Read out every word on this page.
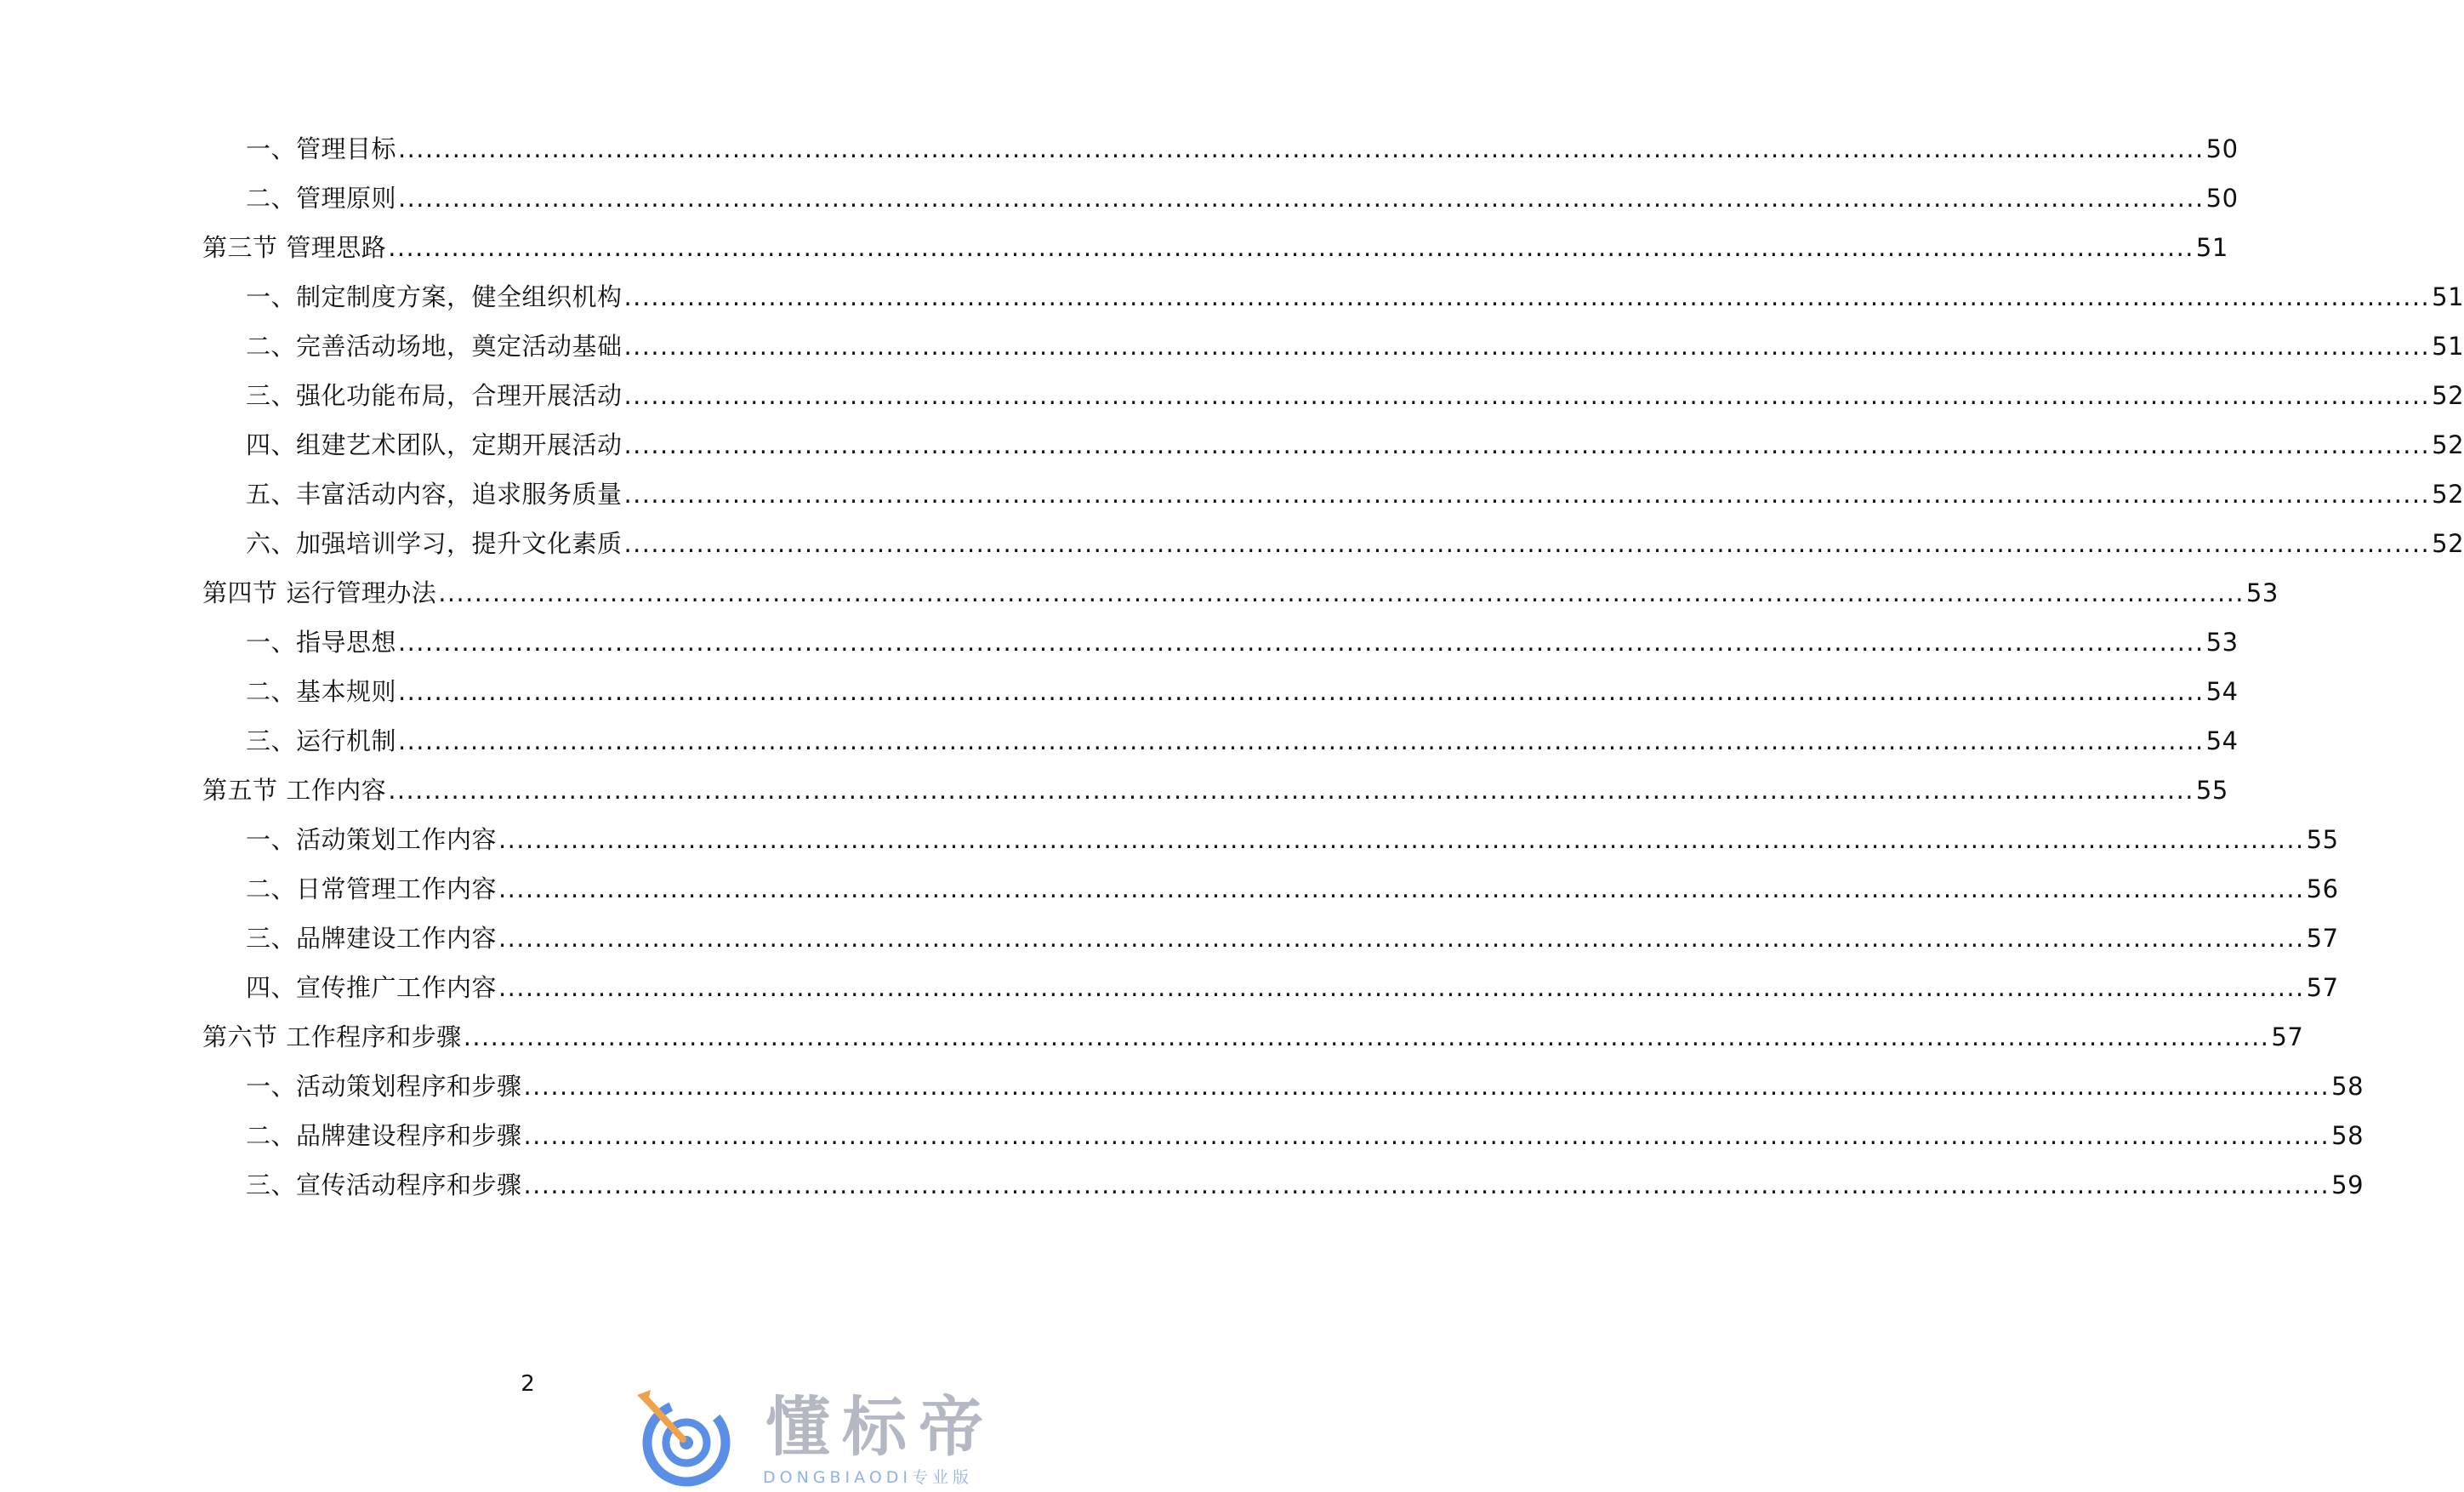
一、管理目标 ........................................................................................................................................................................................................ 50
二、管理原则 ........................................................................................................................................................................................................ 50
第三节 管理思路 ........................................................................................................................................................................................................ 51
一、制定制度方案，健全组织机构 ........................................................................................................................................................................................................ 51
二、完善活动场地，奠定活动基础 ........................................................................................................................................................................................................ 51
三、强化功能布局，合理开展活动 ........................................................................................................................................................................................................ 52
四、组建艺术团队，定期开展活动 ........................................................................................................................................................................................................ 52
五、丰富活动内容，追求服务质量 ........................................................................................................................................................................................................ 52
六、加强培训学习，提升文化素质 ........................................................................................................................................................................................................ 52
第四节 运行管理办法 ........................................................................................................................................................................................................ 53
一、指导思想 ........................................................................................................................................................................................................ 53
二、基本规则 ........................................................................................................................................................................................................ 54
三、运行机制 ........................................................................................................................................................................................................ 54
第五节 工作内容 ........................................................................................................................................................................................................ 55
一、活动策划工作内容 ........................................................................................................................................................................................................ 55
二、日常管理工作内容 ........................................................................................................................................................................................................ 56
三、品牌建设工作内容 ........................................................................................................................................................................................................ 57
四、宣传推广工作内容 ........................................................................................................................................................................................................ 57
第六节 工作程序和步骤 ........................................................................................................................................................................................................ 57
一、活动策划程序和步骤 ........................................................................................................................................................................................................ 58
二、品牌建设程序和步骤 ........................................................................................................................................................................................................ 58
三、宣传活动程序和步骤 ........................................................................................................................................................................................................ 59
2
懂标帝
DONGBIAODI专业版
